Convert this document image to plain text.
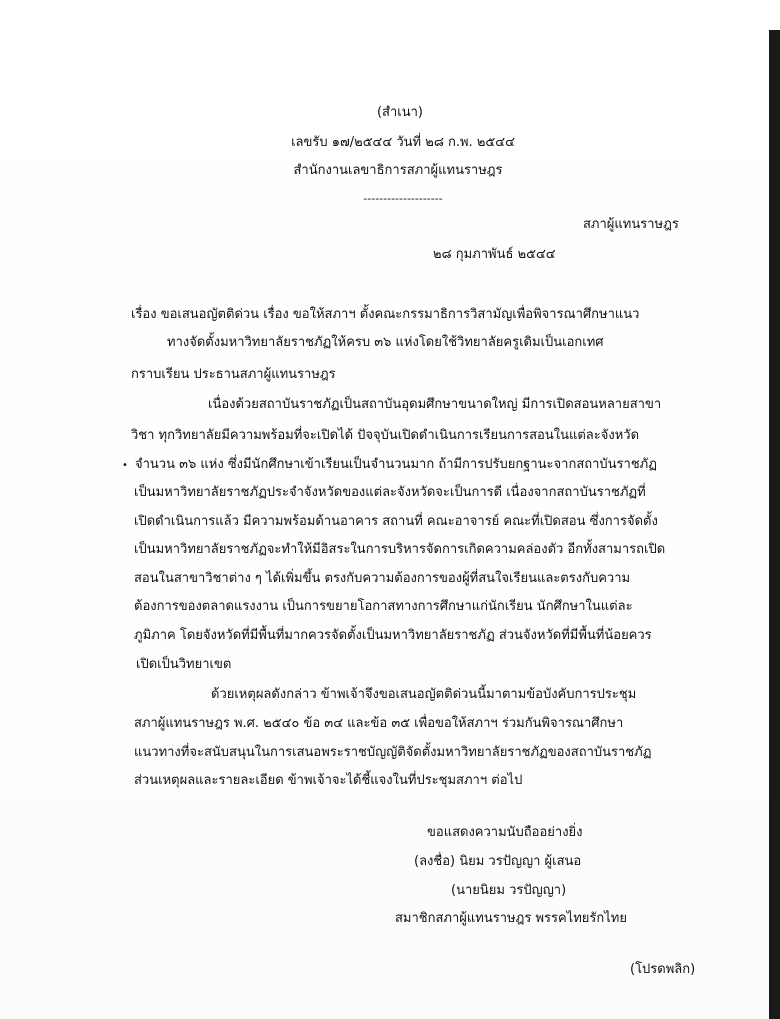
(สำเนา)
เลขรับ ๑๗/๒๕๔๔ วันที่ ๒๘ ก.พ. ๒๕๔๔
สำนักงานเลขาธิการสภาผู้แทนราษฎร
--------------------
สภาผู้แทนราษฎร
๒๘ กุมภาพันธ์ ๒๕๔๔
เรื่อง ขอเสนอญัตติด่วน เรื่อง ขอให้สภาฯ ตั้งคณะกรรมาธิการวิสามัญเพื่อพิจารณาศึกษาแนว
ทางจัดตั้งมหาวิทยาลัยราชภัฏให้ครบ ๓๖ แห่งโดยใช้วิทยาลัยครูเดิมเป็นเอกเทศ
กราบเรียน ประธานสภาผู้แทนราษฎร
เนื่องด้วยสถาบันราชภัฏเป็นสถาบันอุดมศึกษาขนาดใหญ่ มีการเปิดสอนหลายสาขา
วิชา ทุกวิทยาลัยมีความพร้อมที่จะเปิดได้ ปัจจุบันเปิดดำเนินการเรียนการสอนในแต่ละจังหวัด
• จำนวน ๓๖ แห่ง ซึ่งมีนักศึกษาเข้าเรียนเป็นจำนวนมาก ถ้ามีการปรับยกฐานะจากสถาบันราชภัฏ
เป็นมหาวิทยาลัยราชภัฏประจำจังหวัดของแต่ละจังหวัดจะเป็นการดี เนื่องจากสถาบันราชภัฏที่
เปิดดำเนินการแล้ว มีความพร้อมด้านอาคาร สถานที่ คณะอาจารย์ คณะที่เปิดสอน ซึ่งการจัดตั้ง
เป็นมหาวิทยาลัยราชภัฏจะทำให้มีอิสระในการบริหารจัดการเกิดความคล่องตัว อีกทั้งสามารถเปิด
สอนในสาขาวิชาต่าง ๆ ได้เพิ่มขึ้น ตรงกับความต้องการของผู้ที่สนใจเรียนและตรงกับความ
ต้องการของตลาดแรงงาน เป็นการขยายโอกาสทางการศึกษาแก่นักเรียน นักศึกษาในแต่ละ
ภูมิภาค โดยจังหวัดที่มีพื้นที่มากควรจัดตั้งเป็นมหาวิทยาลัยราชภัฏ ส่วนจังหวัดที่มีพื้นที่น้อยควร
เปิดเป็นวิทยาเขต
ด้วยเหตุผลดังกล่าว ข้าพเจ้าจึงขอเสนอญัตติด่วนนี้มาตามข้อบังคับการประชุม
สภาผู้แทนราษฎร พ.ศ. ๒๕๔๐ ข้อ ๓๔ และข้อ ๓๕ เพื่อขอให้สภาฯ ร่วมกันพิจารณาศึกษา
แนวทางที่จะสนับสนุนในการเสนอพระราชบัญญัติจัดตั้งมหาวิทยาลัยราชภัฏของสถาบันราชภัฏ
ส่วนเหตุผลและรายละเอียด ข้าพเจ้าจะได้ชี้แจงในที่ประชุมสภาฯ ต่อไป
ขอแสดงความนับถืออย่างยิ่ง
(ลงชื่อ) นิยม วรปัญญา ผู้เสนอ
(นายนิยม วรปัญญา)
สมาชิกสภาผู้แทนราษฎร พรรคไทยรักไทย
(โปรดพลิก)
